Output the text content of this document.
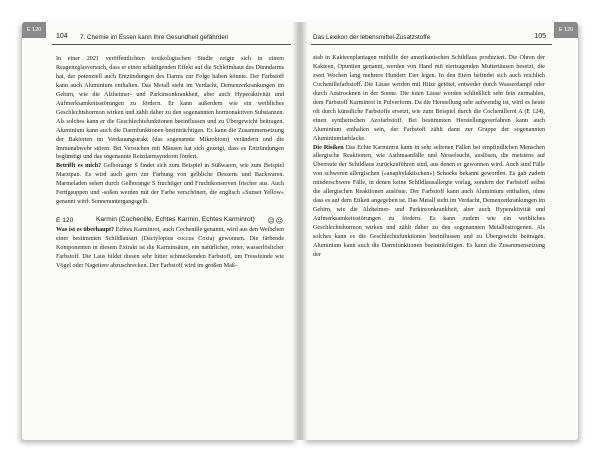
E 120
104 7. Chemie im Essen kann Ihre Gesundheit gefährden

In einer 2021 veröffentlichten toxikologischen Studie zeigte sich in einem Reagenzglasversuch, dass er einen schädigenden Effekt auf die Schleimhaut des Dünndarms hat, der potenziell auch Entzündungen des Darms zur Folge haben könnte. Der Farbstoff kann auch Aluminium enthalten. Das Metall steht im Verdacht, Demenzerkrankungen im Gehirn, wie die Alzheimer- und Parkinsonkrankheit, aber auch Hyperaktivität und Aufmerksamkeitsstörungen zu fördern. Er kann außerdem wie ein weibliches Geschlechtshormon wirken und zählt daher zu den sogenannten hormonaktiven Substanzen. Als solches kann er die Geschlechtsfunktionen beeinflussen und zu Übergewicht beitragen. Aluminium kann auch die Darmfunktionen beeinträchtigen. Es kann die Zusammensetzung der Bakterien im Verdauungstrakt (das sogenannte Mikrobiom) verändern und die Immunabwehr stören. Bei Versuchen mit Mäusen hat sich gezeigt, dass es Entzündungen begünstigt und das sogenannte Reizdarmsyndrom fördert.

Betrifft es mich? Gelborange S findet sich zum Beispiel in Süßwaren, wie zum Beispiel Marzipan. Es wird auch gern zur Färbung von gelbliche Desserts und Backwaren. Marmeladen sehen durch Gelborange S fruchtiger und Fruchtkonserven frischer aus. Auch Fertigsuppen und -soßen werden mit der Farbe verschönert, die englisch »Sunset Yellow« genannt wird: Sonnenuntergangsgelb.

E 120	Karmin (Cochenille, Echtes Karmin, Echtes Karminrot)	☹☹

Was ist es überhaupt? Echtes Karminrot, auch Cochenille genannt, wird aus den Weibchen einer bestimmten Schildlausart (Dactylopius coccus Costa) gewonnen. Die färbende Komponenten in diesem Extrakt ist die Karminsäure, ein natürlicher, roter, wasserlöslicher Farbstoff. Die Laus bildet diesen sehr bitter schmeckenden Farbstoff, um Fressfeinde wie Vögel oder Nagetiere abzuschrecken. Der Farbstoff wird im großen Maß-

Das Lexikon der lebensmittel-Zusatzstoffe	105
E 120

stab in Kakteenplantagen mithilfe der amerikanischen Schildlaus produziert. Die Ohren der Kakteen, Opuntien genannt, werden von Hand mit eiertragenden Muttertäusen besetzt, die zwei Wochen lang mehrere Hundert Eier legen. In den Eiern befindet sich auch reichlich Cochenillefarbstoff. Die Läuse werden mit Hitze getötet, entweder durch Wasserdampf oder durch Austrocknen in der Sonne. Die toten Läuse werden schließlich sehr fein zermahlen, dem Farbstoff Karminrot in Pulverform. Da die Herstellung sehr aufwendig ist, wird es heute oft durch künstliche Farbstoffe ersetzt, wie zum Beispiel durch die Cochenillerot A (E 124), einen synthetischen Azofarbstoff. Bei bestimmten Herstellungsverfahren kann auch Aluminium enthalten sein, der Farbstoff zählt dann zur Gruppe der sogenannten Aluminiumfarblacke.

Die Risiken Das Echte Karminrot kann in sehr seltenen Fällen bei empfindlichen Menschen allergische Reaktionen, wie Asthmaanfälle und Nesselsucht, auslösen, die meistens auf Überreste der Schildlaus zurückzuführen sind, aus denen er gewonnen wird. Auch sind Fälle von schweren allergischen (»anaphylaktischen«) Schocks bekannt geworden. Es gab zudem minderschwere Fälle, in denen keine Schildlausallergie vorlag, sondern der Farbstoff selbst die allergischen Reaktionen auslöste. Der Farbstoff kann auch Aluminium enthalten, ohne dass es auf dem Etikett angegeben ist. Das Metall steht im Verdacht, Demenzerkrankungen im Gehirn, wie die Alzheimer- und Parkinsonkrankheit, aber auch Hyperaktivität und Aufmerksamkeitsstörungen zu fördern. Es kann zudem wie ein weibliches Geschlechtshormon wirken und zählt daher zu den sogenannten Metallöstrogenen. Als solches kann es die Geschlechtsfunktionen beeinflussen und zu Übergewicht beitragen. Aluminium kann auch die Darmfunktionen beeinträchtigen. Es kann die Zusammensetzung der
